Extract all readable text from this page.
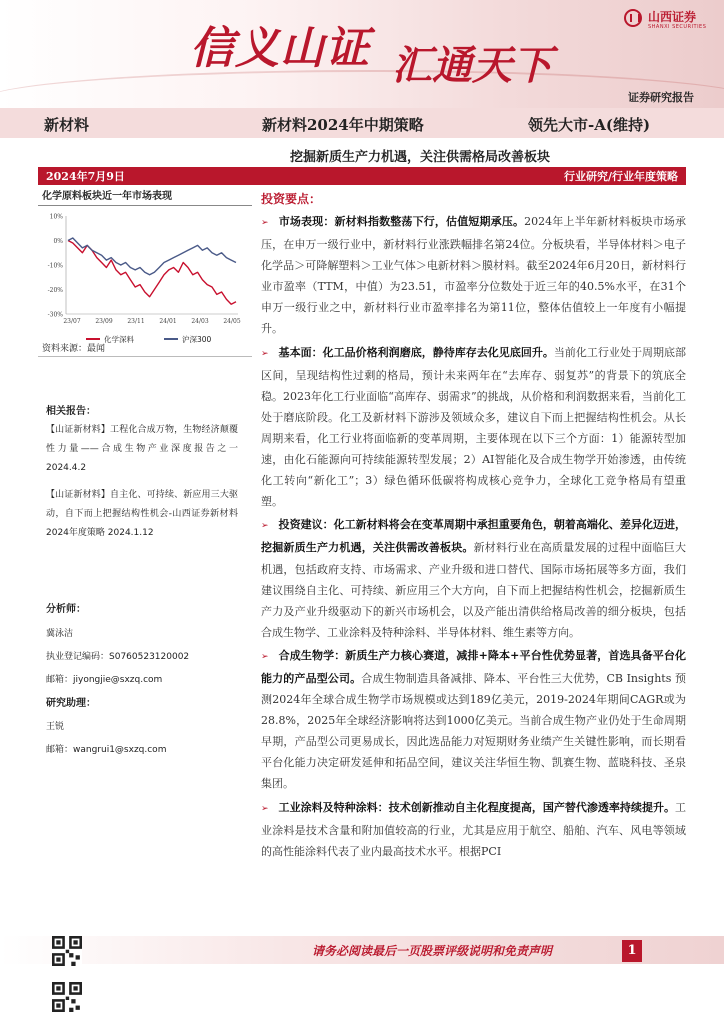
信义山证 汇通天下
山西证券
SHANXI SECURITIES
证券研究报告
新材料	新材料2024年中期策略	领先大市-A(维持)
挖掘新质生产力机遇，关注供需格局改善板块
2024年7月9日	行业研究/行业年度策略
化学原料板块近一年市场表现
10%
0%
-10%
-20%
-30%
23/07 23/09 23/11 24/01 24/03 24/05
化学深料	沪深300
资料来源：最闻
相关报告：
【山证新材料】工程化合成万物，生物经济颠覆性力量——合成生物产业深度报告之一 2024.4.2
【山证新材料】自主化、可持续、新应用三大驱动，自下而上把握结构性机会-山西证券新材料2024年度策略 2024.1.12
分析师：
冀泳洁
执业登记编码：S0760523120002
邮箱：jiyongjie@sxzq.com
研究助理：
王锐
邮箱：wangrui1@sxzq.com
投资要点：
➢ 市场表现：新材料指数整荡下行，估值短期承压。2024年上半年新材料板块市场承压，在申万一级行业中，新材料行业涨跌幅排名第24位。分板块看，半导体材料＞电子化学品＞可降解塑料＞工业气体＞电新材料＞膜材料。截至2024年6月20日，新材料行业市盈率（TTM，中值）为23.51，市盈率分位数处于近三年的40.5%水平，在31个申万一级行业之中，新材料行业市盈率排名为第11位，整体估值较上一年度有小幅提升。
➢ 基本面：化工品价格利润磨底，静待库存去化见底回升。当前化工行业处于周期底部区间，呈现结构性过剩的格局，预计未来两年在“去库存、弱复苏”的背景下的筑底全稳。2023年化工行业面临“高库存、弱需求”的挑战，从价格和利润数据来看，当前化工处于磨底阶段。化工及新材料下游涉及领域众多，建议自下而上把握结构性机会。从长周期来看，化工行业将面临新的变革周期，主要体现在以下三个方面：1）能源转型加速，由化石能源向可持续能源转型发展；2）AI智能化及合成生物学开始渗透，由传统化工转向“新化工”；3）绿色循环低碳将构成核心竞争力，全球化工竞争格局有望重塑。
➢ 投资建议：化工新材料将会在变革周期中承担重要角色，朝着高端化、差异化迈进，挖掘新质生产力机遇，关注供需改善板块。新材料行业在高质量发展的过程中面临巨大机遇，包括政府支持、市场需求、产业升级和进口替代、国际市场拓展等多方面，我们建议围绕自主化、可持续、新应用三个大方向，自下而上把握结构性机会，挖掘新质生产力及产业升级驱动下的新兴市场机会，以及产能出清供给格局改善的细分板块，包括合成生物学、工业涂料及特种涂料、半导体材料、维生素等方向。
➢ 合成生物学：新质生产力核心赛道，减排+降本+平台性优势显著，首选具备平台化能力的产品型公司。合成生物制造具备减排、降本、平台性三大优势，CB Insights 预测2024年全球合成生物学市场规模或达到189亿美元，2019-2024年期间CAGR或为28.8%，2025年全球经济影响将达到1000亿美元。当前合成生物产业仍处于生命周期早期，产品型公司更易成长，因此选品能力对短期财务业绩产生关键性影响，而长期看平台化能力决定研发延伸和拓品空间，建议关注华恒生物、凯赛生物、蓝晓科技、圣泉集团。
➢ 工业涂料及特种涂料：技术创新推动自主化程度提高，国产替代渗透率持续提升。工业涂料是技术含量和附加值较高的行业，尤其是应用于航空、船舶、汽车、风电等领域的高性能涂料代表了业内最高技术水平。根据PCI
请务必阅读最后一页股票评级说明和免责声明	1
